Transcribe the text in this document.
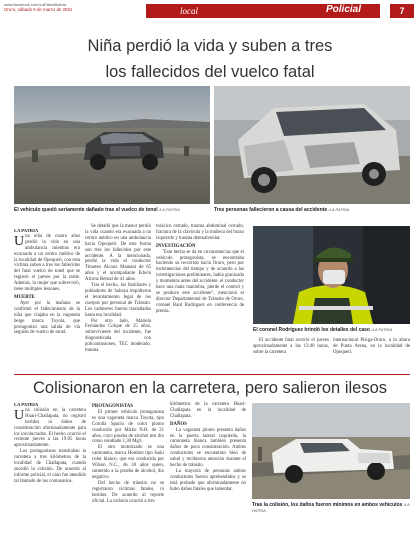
www.facebook.com/LaPatriaBolivia
Oruro, sábado 6 de marzo de 2021	local
LA PATRIA
Policial	7
Niña perdió la vida y suben a tres
los fallecidos del vuelco fatal
El vehículo quedó seriamente dañado tras el vuelco de tonel /LA PATRIA	Tres personas fallecieron a causa del accidente /LA PATRIA
LA PATRIA

Una niña de cuatro años perdió la vida en una ambulancia mientras era evacuada a un centro médico de la localidad de Opoqueri, con esta víctima suben a tres los fallecidos del fatal vuelco de tonel que se registró el jueves por la tarde. Además, la mujer que sobrevivió, tiene múltiples lesiones.

MUERTE

Ayer por la mañana se confirmó el fallecimiento de la niña que viajaba en la vagoneta beige marca Toyota, que protagonizó una salida de vía seguido de vuelco de tonel.

Se detalló que la menor perdió la vida cuando era evacuada a un centro médico en una ambulancia hacia Opoqueri. De esta forma son tres los fallecidos por este accidente. A la mencionada, perdió la vida el conductor Timoteo Alconz Mamani de 65 años y el acompañante Edwin Alconz Bernal de 41 años.

Tras el hecho, los familiares y pobladores de Sabaya impidieron el levantamiento legal de los cuerpos por personal de Tránsito. Los cadáveres fueron trasladados hasta esa localidad.

Por otro lado, Mariela Fernández Colque de 35 años, sobreviviente del incidente, fue diagnosticada con policontusiones, TEC moderado, trauma

torácico cerrado, trauma abdominal cerrado, fractura de la clavícula y la muñeca del brazo izquierdo y trauma dentoalveolar.

INVESTIGACIÓN

"Este hecho se da en circunstancias que el vehículo protagonista, se encontraba haciendo su recorrido hacia Oruro, pero por inclemencias del tiempo y de acuerdo a las investigaciones preliminares, había granizado y momentos antes del accidente, el conductor hace una mala maniobra, pierde el control y se produce este accidente", mencionó el director Departamental de Tránsito de Oruro, coronel Raúl Rodríguez en conferencia de prensa.

El coronel Rodríguez brindó los detalles del caso /LA PATRIA

El accidente fatal ocurrió el jueves aproximadamente a las 13:40 horas, sobre la carretera

internacional Pisiga-Oruro, a la altura de Punta Arena, en la localidad de Opoqueri.

Colisionaron en la carretera, pero salieron ilesos
LA PATRIA

Una colisión en la carretera Huari-Challapata, no registró heridos ni daños de consideración afortunadamente para los involucrados. El hecho ocurrió el reciente jueves a las 19:05 horas aproximadamente.

Los protagonistas transitaban la carretera a tres kilómetros de la localidad de Challapata, cuando sucedió la colisión. De acuerdo al informe policial, el caso fue atendido tal llamado de los comunarios.

PROTAGONISTAS

El primer vehículo protagonista es una vagoneta marca Toyota, tipo Corolla Spacio de color plomo conducido por Mirko N.H. de 21 años, cuyo prueba de alcohol test dio como resultado 1,30 Mg/l.

El otro motorizado es una camioneta, marca Hombre tipo Isuki color blanco, que era conducida por Wilson N.C., de 30 años quien, sometido a la prueba de alcohol, dio negativo.

Del hecho de tránsito no se registraron víctimas fatales, ni heridos. De acuerdo al reporte oficial. La colisión ocurrió a tres

kilómetros de la carretera Huari-Challapata en la localidad de Challapata.

DAÑOS

La vagoneta plomo presenta daños en la puerta lateral izquierda, la camioneta blanca también presenta daños de poca consideración. Ambos conductores se encuentran bien de salud y recibieron atención durante el hecho de tránsito.

La mayoría de personas ambos conductores fueron aprehendidos y se está probado que afortunadamente no hubo daños fatales que lamentar.

Tras la colisión, los daños fueron mínimos en ambos vehículos /LA PATRIA
